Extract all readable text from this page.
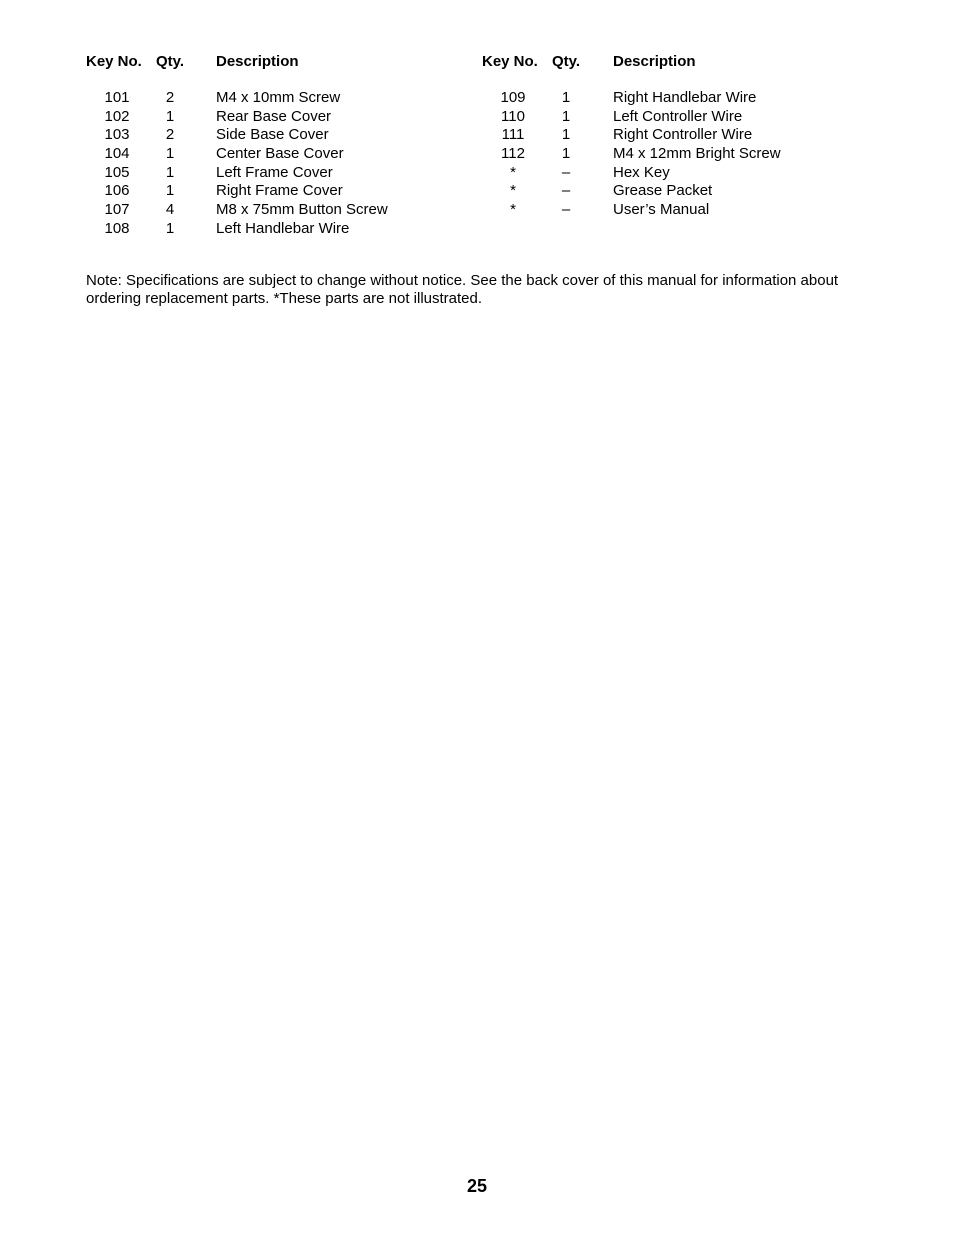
Key No. Qty. Description
101	2	M4 x 10mm Screw
102	1	Rear Base Cover
103	2	Side Base Cover
104	1	Center Base Cover
105	1	Left Frame Cover
106	1	Right Frame Cover
107	4	M8 x 75mm Button Screw
108	1	Left Handlebar Wire
Key No. Qty. Description
109	1	Right Handlebar Wire
110	1	Left Controller Wire
111	1	Right Controller Wire
112	1	M4 x 12mm Bright Screw
*	–	Hex Key
*	–	Grease Packet
*	–	User’s Manual

Note: Specifications are subject to change without notice. See the back cover of this manual for information about ordering replacement parts. *These parts are not illustrated.

25
